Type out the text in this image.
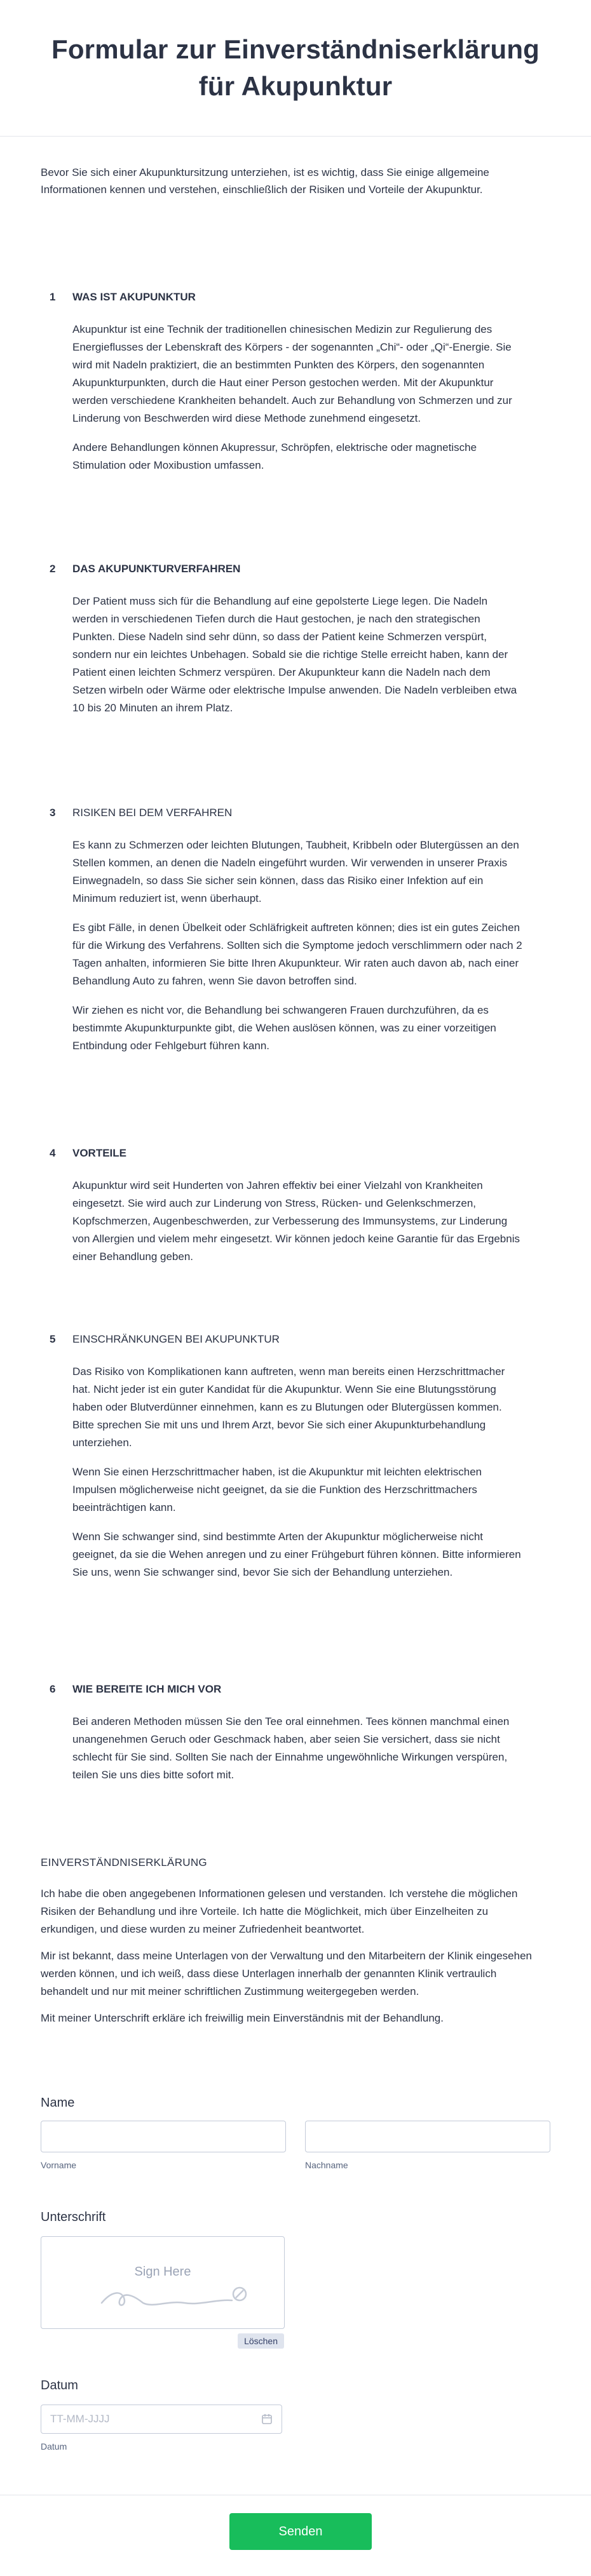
Formular zur Einverständniserklärung für Akupunktur
Bevor Sie sich einer Akupunktursitzung unterziehen, ist es wichtig, dass Sie einige allgemeine Informationen kennen und verstehen, einschließlich der Risiken und Vorteile der Akupunktur.
1	WAS IST AKUPUNKTUR

Akupunktur ist eine Technik der traditionellen chinesischen Medizin zur Regulierung des Energieflusses der Lebenskraft des Körpers - der sogenannten „Chi“- oder „Qi“-Energie. Sie wird mit Nadeln praktiziert, die an bestimmten Punkten des Körpers, den sogenannten Akupunkturpunkten, durch die Haut einer Person gestochen werden. Mit der Akupunktur werden verschiedene Krankheiten behandelt. Auch zur Behandlung von Schmerzen und zur Linderung von Beschwerden wird diese Methode zunehmend eingesetzt.

Andere Behandlungen können Akupressur, Schröpfen, elektrische oder magnetische Stimulation oder Moxibustion umfassen.

2	DAS AKUPUNKTURVERFAHREN

Der Patient muss sich für die Behandlung auf eine gepolsterte Liege legen. Die Nadeln werden in verschiedenen Tiefen durch die Haut gestochen, je nach den strategischen Punkten. Diese Nadeln sind sehr dünn, so dass der Patient keine Schmerzen verspürt, sondern nur ein leichtes Unbehagen. Sobald sie die richtige Stelle erreicht haben, kann der Patient einen leichten Schmerz verspüren. Der Akupunkteur kann die Nadeln nach dem Setzen wirbeln oder Wärme oder elektrische Impulse anwenden. Die Nadeln verbleiben etwa 10 bis 20 Minuten an ihrem Platz.

3	RISIKEN BEI DEM VERFAHREN

Es kann zu Schmerzen oder leichten Blutungen, Taubheit, Kribbeln oder Blutergüssen an den Stellen kommen, an denen die Nadeln eingeführt wurden. Wir verwenden in unserer Praxis Einwegnadeln, so dass Sie sicher sein können, dass das Risiko einer Infektion auf ein Minimum reduziert ist, wenn überhaupt.

Es gibt Fälle, in denen Übelkeit oder Schläfrigkeit auftreten können; dies ist ein gutes Zeichen für die Wirkung des Verfahrens. Sollten sich die Symptome jedoch verschlimmern oder nach 2 Tagen anhalten, informieren Sie bitte Ihren Akupunkteur. Wir raten auch davon ab, nach einer Behandlung Auto zu fahren, wenn Sie davon betroffen sind.

Wir ziehen es nicht vor, die Behandlung bei schwangeren Frauen durchzuführen, da es bestimmte Akupunkturpunkte gibt, die Wehen auslösen können, was zu einer vorzeitigen Entbindung oder Fehlgeburt führen kann.

4	VORTEILE

Akupunktur wird seit Hunderten von Jahren effektiv bei einer Vielzahl von Krankheiten eingesetzt. Sie wird auch zur Linderung von Stress, Rücken- und Gelenkschmerzen, Kopfschmerzen, Augenbeschwerden, zur Verbesserung des Immunsystems, zur Linderung von Allergien und vielem mehr eingesetzt. Wir können jedoch keine Garantie für das Ergebnis einer Behandlung geben.

5	EINSCHRÄNKUNGEN BEI AKUPUNKTUR

Das Risiko von Komplikationen kann auftreten, wenn man bereits einen Herzschrittmacher hat. Nicht jeder ist ein guter Kandidat für die Akupunktur. Wenn Sie eine Blutungsstörung haben oder Blutverdünner einnehmen, kann es zu Blutungen oder Blutergüssen kommen. Bitte sprechen Sie mit uns und Ihrem Arzt, bevor Sie sich einer Akupunkturbehandlung unterziehen.

Wenn Sie einen Herzschrittmacher haben, ist die Akupunktur mit leichten elektrischen Impulsen möglicherweise nicht geeignet, da sie die Funktion des Herzschrittmachers beeinträchtigen kann.

Wenn Sie schwanger sind, sind bestimmte Arten der Akupunktur möglicherweise nicht geeignet, da sie die Wehen anregen und zu einer Frühgeburt führen können. Bitte informieren Sie uns, wenn Sie schwanger sind, bevor Sie sich der Behandlung unterziehen.

6	WIE BEREITE ICH MICH VOR

Bei anderen Methoden müssen Sie den Tee oral einnehmen. Tees können manchmal einen unangenehmen Geruch oder Geschmack haben, aber seien Sie versichert, dass sie nicht schlecht für Sie sind. Sollten Sie nach der Einnahme ungewöhnliche Wirkungen verspüren, teilen Sie uns dies bitte sofort mit.

EINVERSTÄNDNISERKLÄRUNG

Ich habe die oben angegebenen Informationen gelesen und verstanden. Ich verstehe die möglichen Risiken der Behandlung und ihre Vorteile. Ich hatte die Möglichkeit, mich über Einzelheiten zu erkundigen, und diese wurden zu meiner Zufriedenheit beantwortet.

Mir ist bekannt, dass meine Unterlagen von der Verwaltung und den Mitarbeitern der Klinik eingesehen werden können, und ich weiß, dass diese Unterlagen innerhalb der genannten Klinik vertraulich behandelt und nur mit meiner schriftlichen Zustimmung weitergegeben werden.

Mit meiner Unterschrift erkläre ich freiwillig mein Einverständnis mit der Behandlung.

Name
Vorname	Nachname
Unterschrift
Sign Here
Löschen
Datum
TT-MM-JJJJ
Datum
Senden
